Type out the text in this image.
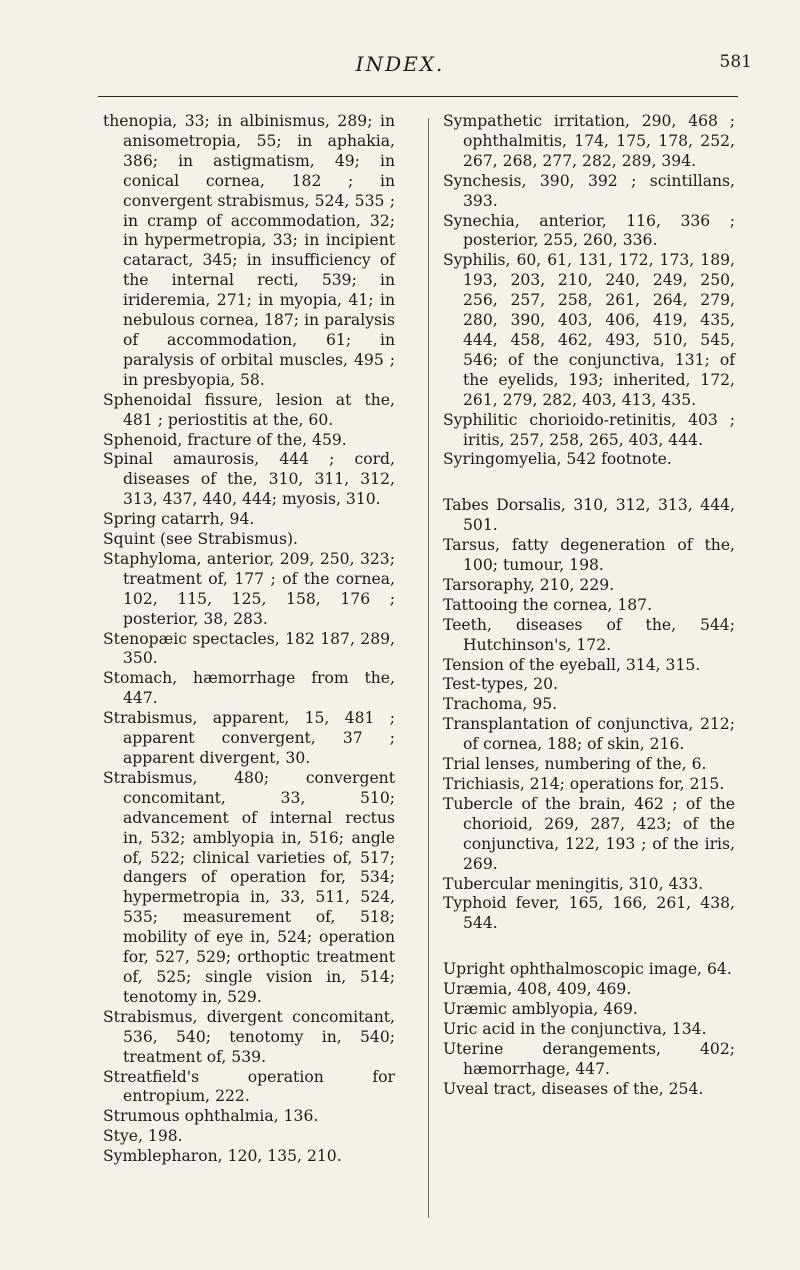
INDEX.	581
thenopia, 33; in albinismus, 289; in anisometropia, 55; in aphakia, 386; in astigmatism, 49; in conical cornea, 182 ; in convergent strabismus, 524, 535 ; in cramp of accommodation, 32; in hypermetropia, 33; in incipient cataract, 345; in insufficiency of the internal recti, 539; in irideremia, 271; in myopia, 41; in nebulous cornea, 187; in paralysis of accommodation, 61; in paralysis of orbital muscles, 495 ; in presbyopia, 58.
Sphenoidal fissure, lesion at the, 481 ; periostitis at the, 60.
Sphenoid, fracture of the, 459.
Spinal amaurosis, 444 ; cord, diseases of the, 310, 311, 312, 313, 437, 440, 444; myosis, 310.
Spring catarrh, 94.
Squint (see Strabismus).
Staphyloma, anterior, 209, 250, 323; treatment of, 177 ; of the cornea, 102, 115, 125, 158, 176 ; posterior, 38, 283.
Stenopæic spectacles, 182 187, 289, 350.
Stomach, hæmorrhage from the, 447.
Strabismus, apparent, 15, 481 ; apparent convergent, 37 ; apparent divergent, 30.
Strabismus, 480; convergent concomitant, 33, 510; advancement of internal rectus in, 532; amblyopia in, 516; angle of, 522; clinical varieties of, 517; dangers of operation for, 534; hypermetropia in, 33, 511, 524, 535; measurement of, 518; mobility of eye in, 524; operation for, 527, 529; orthoptic treatment of, 525; single vision in, 514; tenotomy in, 529.
Strabismus, divergent concomitant, 536, 540; tenotomy in, 540; treatment of, 539.
Streatfield's operation for entropium, 222.
Strumous ophthalmia, 136.
Stye, 198.
Symblepharon, 120, 135, 210.
Sympathetic irritation, 290, 468 ; ophthalmitis, 174, 175, 178, 252, 267, 268, 277, 282, 289, 394.
Synchesis, 390, 392 ; scintillans, 393.
Synechia, anterior, 116, 336 ; posterior, 255, 260, 336.
Syphilis, 60, 61, 131, 172, 173, 189, 193, 203, 210, 240, 249, 250, 256, 257, 258, 261, 264, 279, 280, 390, 403, 406, 419, 435, 444, 458, 462, 493, 510, 545, 546; of the conjunctiva, 131; of the eyelids, 193; inherited, 172, 261, 279, 282, 403, 413, 435.
Syphilitic chorioido-retinitis, 403 ; iritis, 257, 258, 265, 403, 444.
Syringomyelia, 542 footnote.
Tabes Dorsalis, 310, 312, 313, 444, 501.
Tarsus, fatty degeneration of the, 100; tumour, 198.
Tarsoraphy, 210, 229.
Tattooing the cornea, 187.
Teeth, diseases of the, 544; Hutchinson's, 172.
Tension of the eyeball, 314, 315.
Test-types, 20.
Trachoma, 95.
Transplantation of conjunctiva, 212; of cornea, 188; of skin, 216.
Trial lenses, numbering of the, 6.
Trichiasis, 214; operations for, 215.
Tubercle of the brain, 462 ; of the chorioid, 269, 287, 423; of the conjunctiva, 122, 193 ; of the iris, 269.
Tubercular meningitis, 310, 433.
Typhoid fever, 165, 166, 261, 438, 544.
Upright ophthalmoscopic image, 64.
Uræmia, 408, 409, 469.
Uræmic amblyopia, 469.
Uric acid in the conjunctiva, 134.
Uterine derangements, 402; hæmorrhage, 447.
Uveal tract, diseases of the, 254.
